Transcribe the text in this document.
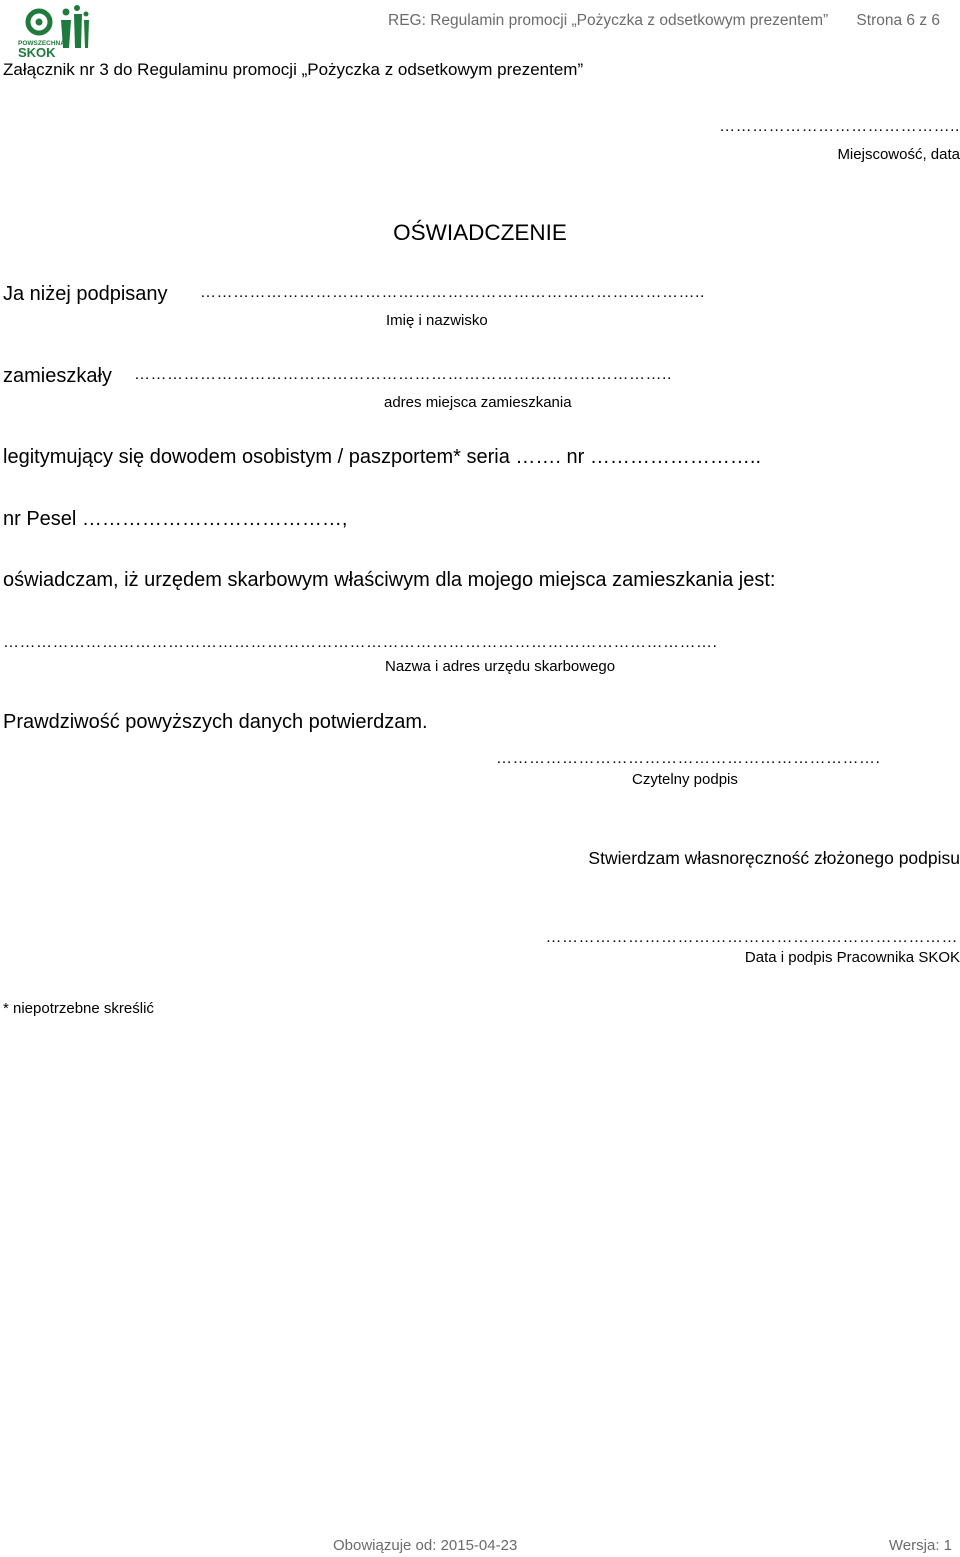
POWSZECHNA
SKOK
REG: Regulamin promocji „Pożyczka z odsetkowym prezentem” Strona 6 z 6
Załącznik nr 3 do Regulaminu promocji „Pożyczka z odsetkowym prezentem”
……………………………………..
Miejscowość, data
OŚWIADCZENIE
Ja niżej podpisany ………………………………………………………………………………..
Imię i nazwisko
zamieszkały ……………………………………………………………………………………..
adres miejsca zamieszkania
legitymujący się dowodem osobistym / paszportem* seria ……. nr ……………………..
nr Pesel …………………………………,
oświadczam, iż urzędem skarbowym właściwym dla mojego miejsca zamieszkania jest:
………………………………………………………………………………………………………………….
Nazwa i adres urzędu skarbowego
Prawdziwość powyższych danych potwierdzam.
…………………………………………………………….
Czytelny podpis
Stwierdzam własnoręczność złożonego podpisu
…………………………………………………………………
Data i podpis Pracownika SKOK
* niepotrzebne skreślić
Obowiązuje od: 2015-04-23	Wersja: 1
